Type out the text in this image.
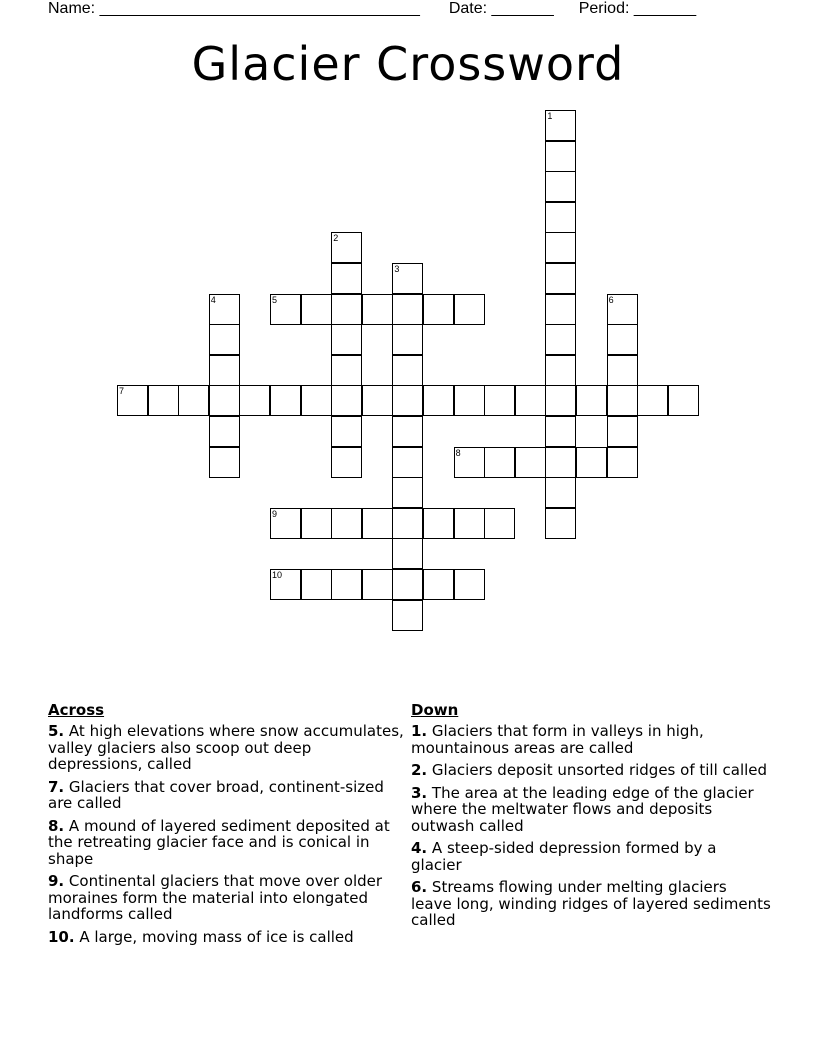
Name: ____________________________________ Date: _______ Period: _______
Glacier Crossword
1
2
3
4	5	6
7
8
9
10
Across
5. At high elevations where snow accumulates, valley glaciers also scoop out deep depressions, called
7. Glaciers that cover broad, continent-sized are called
8. A mound of layered sediment deposited at the retreating glacier face and is conical in shape
9. Continental glaciers that move over older moraines form the material into elongated landforms called
10. A large, moving mass of ice is called
Down
1. Glaciers that form in valleys in high, mountainous areas are called
2. Glaciers deposit unsorted ridges of till called
3. The area at the leading edge of the glacier where the meltwater flows and deposits outwash called
4. A steep-sided depression formed by a glacier
6. Streams flowing under melting glaciers leave long, winding ridges of layered sediments called
